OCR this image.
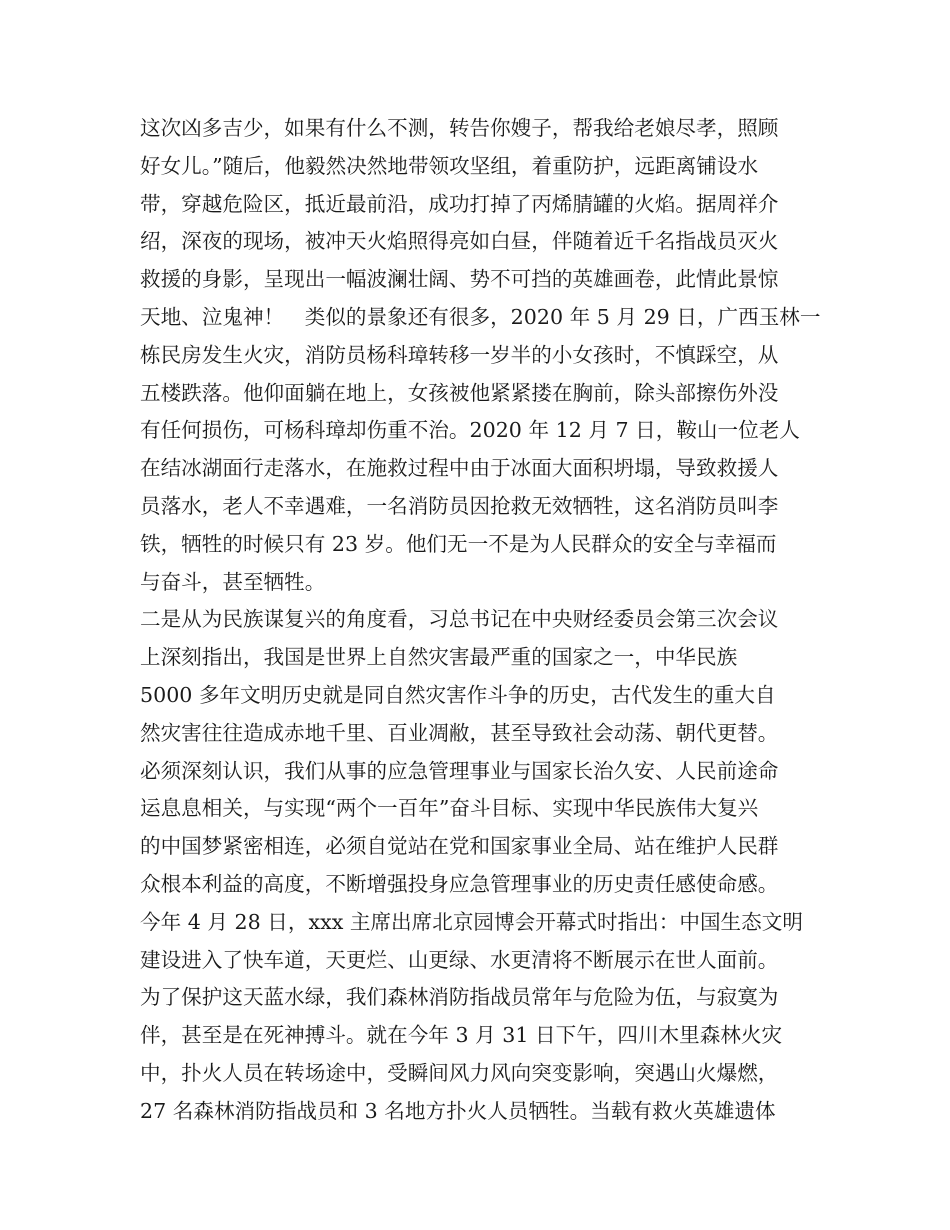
这次凶多吉少，如果有什么不测，转告你嫂子，帮我给老娘尽孝，照顾
好女儿。”随后，他毅然决然地带领攻坚组，着重防护，远距离铺设水
带，穿越危险区，抵近最前沿，成功打掉了丙烯腈罐的火焰。据周祥介
绍，深夜的现场，被冲天火焰照得亮如白昼，伴随着近千名指战员灭火
救援的身影，呈现出一幅波澜壮阔、势不可挡的英雄画卷，此情此景惊
天地、泣鬼神！　类似的景象还有很多，2020 年 5 月 29 日，广西玉林一
栋民房发生火灾，消防员杨科璋转移一岁半的小女孩时，不慎踩空，从
五楼跌落。他仰面躺在地上，女孩被他紧紧搂在胸前，除头部擦伤外没
有任何损伤，可杨科璋却伤重不治。2020 年 12 月 7 日，鞍山一位老人
在结冰湖面行走落水，在施救过程中由于冰面大面积坍塌，导致救援人
员落水，老人不幸遇难，一名消防员因抢救无效牺牲，这名消防员叫李
铁，牺牲的时候只有 23 岁。他们无一不是为人民群众的安全与幸福而
与奋斗，甚至牺牲。
二是从为民族谋复兴的角度看，习总书记在中央财经委员会第三次会议
上深刻指出，我国是世界上自然灾害最严重的国家之一，中华民族
5000 多年文明历史就是同自然灾害作斗争的历史，古代发生的重大自
然灾害往往造成赤地千里、百业凋敝，甚至导致社会动荡、朝代更替。
必须深刻认识，我们从事的应急管理事业与国家长治久安、人民前途命
运息息相关，与实现“两个一百年”奋斗目标、实现中华民族伟大复兴
的中国梦紧密相连，必须自觉站在党和国家事业全局、站在维护人民群
众根本利益的高度，不断增强投身应急管理事业的历史责任感使命感。
今年 4 月 28 日，xxx 主席出席北京园博会开幕式时指出：中国生态文明
建设进入了快车道，天更烂、山更绿、水更清将不断展示在世人面前。
为了保护这天蓝水绿，我们森林消防指战员常年与危险为伍，与寂寞为
伴，甚至是在死神搏斗。就在今年 3 月 31 日下午，四川木里森林火灾
中，扑火人员在转场途中，受瞬间风力风向突变影响，突遇山火爆燃，
27 名森林消防指战员和 3 名地方扑火人员牺牲。当载有救火英雄遗体
